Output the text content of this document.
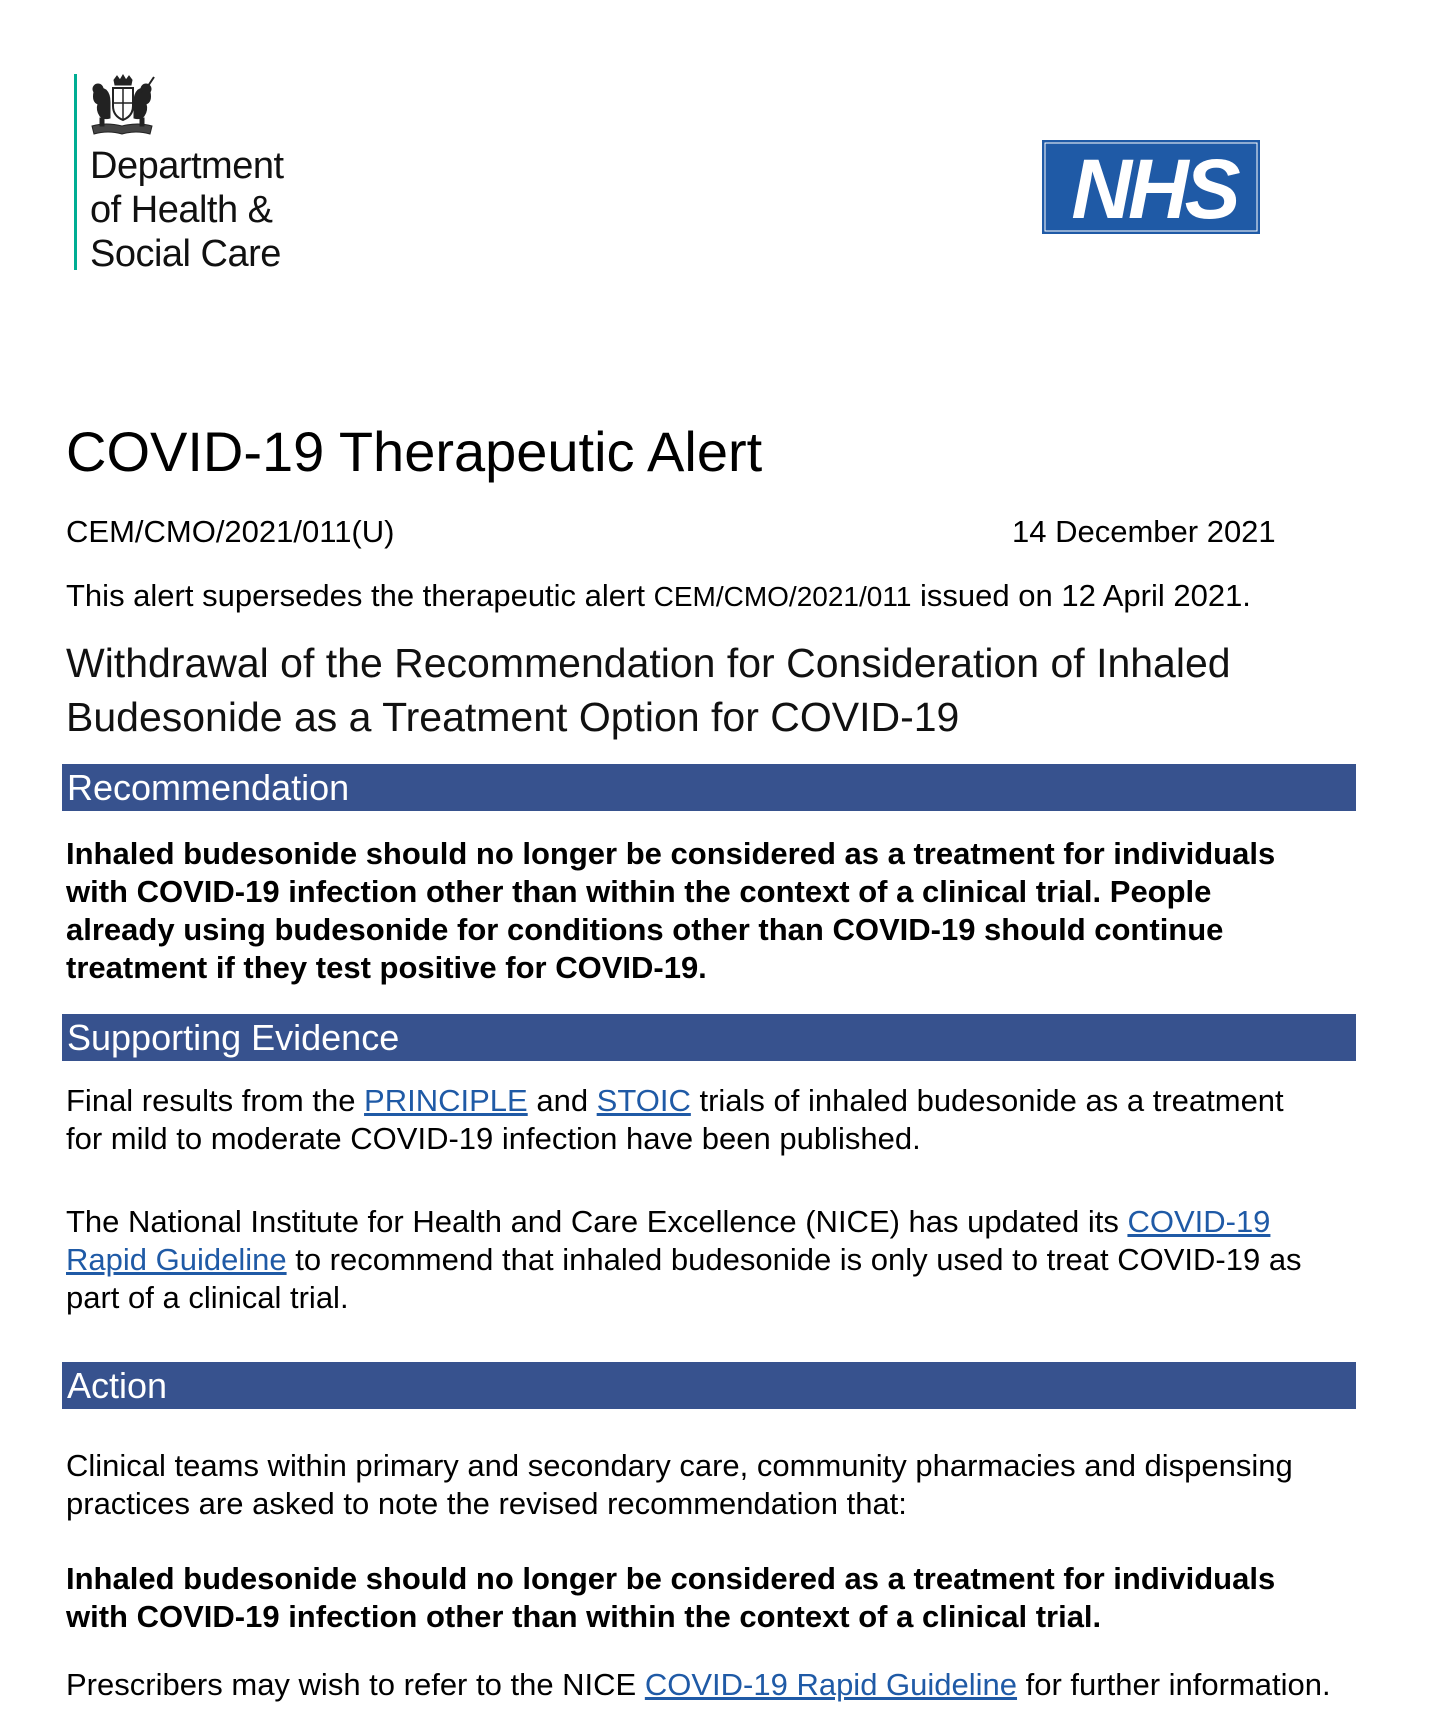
Department
of Health &
Social Care
NHS
COVID-19 Therapeutic Alert
CEM/CMO/2021/011(U)	14 December 2021
This alert supersedes the therapeutic alert CEM/CMO/2021/011 issued on 12 April 2021.
Withdrawal of the Recommendation for Consideration of Inhaled
Budesonide as a Treatment Option for COVID-19
Recommendation
Inhaled budesonide should no longer be considered as a treatment for individuals
with COVID-19 infection other than within the context of a clinical trial. People
already using budesonide for conditions other than COVID-19 should continue
treatment if they test positive for COVID-19.
Supporting Evidence
Final results from the PRINCIPLE and STOIC trials of inhaled budesonide as a treatment
for mild to moderate COVID-19 infection have been published.
The National Institute for Health and Care Excellence (NICE) has updated its COVID-19
Rapid Guideline to recommend that inhaled budesonide is only used to treat COVID-19 as
part of a clinical trial.
Action
Clinical teams within primary and secondary care, community pharmacies and dispensing
practices are asked to note the revised recommendation that:
Inhaled budesonide should no longer be considered as a treatment for individuals
with COVID-19 infection other than within the context of a clinical trial.
Prescribers may wish to refer to the NICE COVID-19 Rapid Guideline for further information.
